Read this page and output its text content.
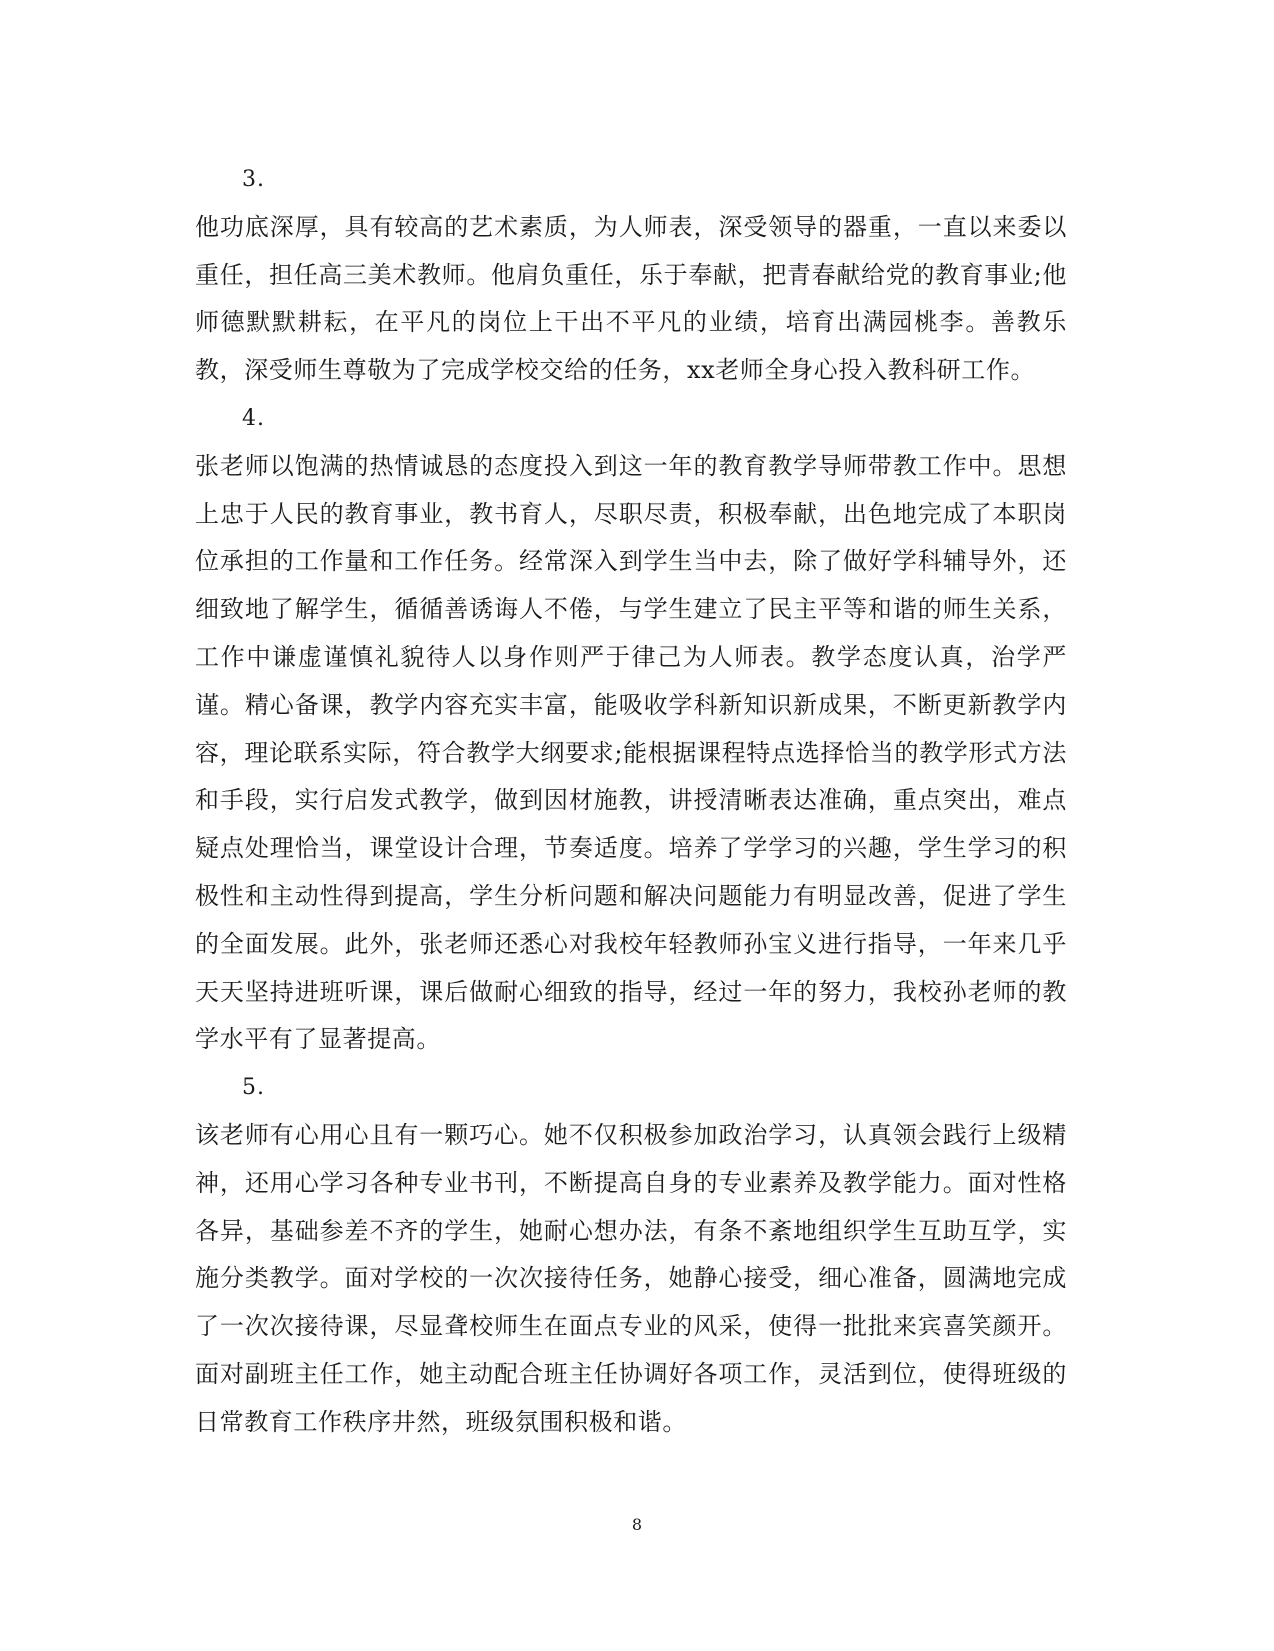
3.

他功底深厚，具有较高的艺术素质，为人师表，深受领导的器重，一直以来委以重任，担任高三美术教师。他肩负重任，乐于奉献，把青春献给党的教育事业;他师德默默耕耘，在平凡的岗位上干出不平凡的业绩，培育出满园桃李。善教乐教，深受师生尊敬为了完成学校交给的任务，xx老师全身心投入教科研工作。

4.

张老师以饱满的热情诚恳的态度投入到这一年的教育教学导师带教工作中。思想上忠于人民的教育事业，教书育人，尽职尽责，积极奉献，出色地完成了本职岗位承担的工作量和工作任务。经常深入到学生当中去，除了做好学科辅导外，还细致地了解学生，循循善诱诲人不倦，与学生建立了民主平等和谐的师生关系，工作中谦虚谨慎礼貌待人以身作则严于律己为人师表。教学态度认真，治学严谨。精心备课，教学内容充实丰富，能吸收学科新知识新成果，不断更新教学内容，理论联系实际，符合教学大纲要求;能根据课程特点选择恰当的教学形式方法和手段，实行启发式教学，做到因材施教，讲授清晰表达准确，重点突出，难点疑点处理恰当，课堂设计合理，节奏适度。培养了学学习的兴趣，学生学习的积极性和主动性得到提高，学生分析问题和解决问题能力有明显改善，促进了学生的全面发展。此外，张老师还悉心对我校年轻教师孙宝义进行指导，一年来几乎天天坚持进班听课，课后做耐心细致的指导，经过一年的努力，我校孙老师的教学水平有了显著提高。

5.

该老师有心用心且有一颗巧心。她不仅积极参加政治学习，认真领会践行上级精神，还用心学习各种专业书刊，不断提高自身的专业素养及教学能力。面对性格各异，基础参差不齐的学生，她耐心想办法，有条不紊地组织学生互助互学，实施分类教学。面对学校的一次次接待任务，她静心接受，细心准备，圆满地完成了一次次接待课，尽显聋校师生在面点专业的风采，使得一批批来宾喜笑颜开。面对副班主任工作，她主动配合班主任协调好各项工作，灵活到位，使得班级的日常教育工作秩序井然，班级氛围积极和谐。

8
